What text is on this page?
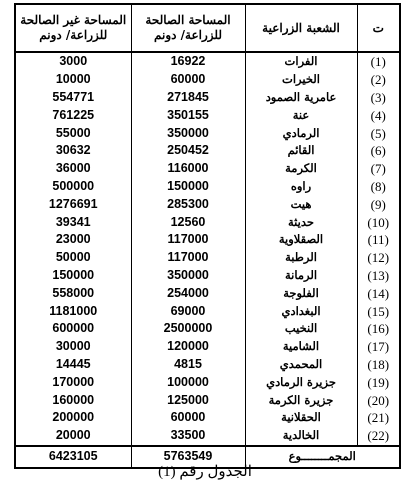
ت	الشعبة الزراعية	المساحة الصالحة للزراعة/ دونم	المساحة غير الصالحة للزراعة/ دونم
(1)	الفرات	16922	3000
(2)	الخيرات	60000	10000
(3)	عامرية الصمود	271845	554771
(4)	عنة	350155	761225
(5)	الرمادي	350000	55000
(6)	القائم	250452	30632
(7)	الكرمة	116000	36000
(8)	راوه	150000	500000
(9)	هيت	285300	1276691
(10)	حديثة	12560	39341
(11)	الصقلاوية	117000	23000
(12)	الرطبة	117000	50000
(13)	الرمانة	350000	150000
(14)	الفلوجة	254000	558000
(15)	البغدادي	69000	1181000
(16)	النخيب	2500000	600000
(17)	الشامية	120000	30000
(18)	المحمدي	4815	14445
(19)	جزيرة الرمادي	100000	170000
(20)	جزيرة الكرمة	125000	160000
(21)	الحقلانية	60000	200000
(22)	الخالدية	33500	20000
المجمــــــــوع		5763549	6423105
الجدول رقم (1)
